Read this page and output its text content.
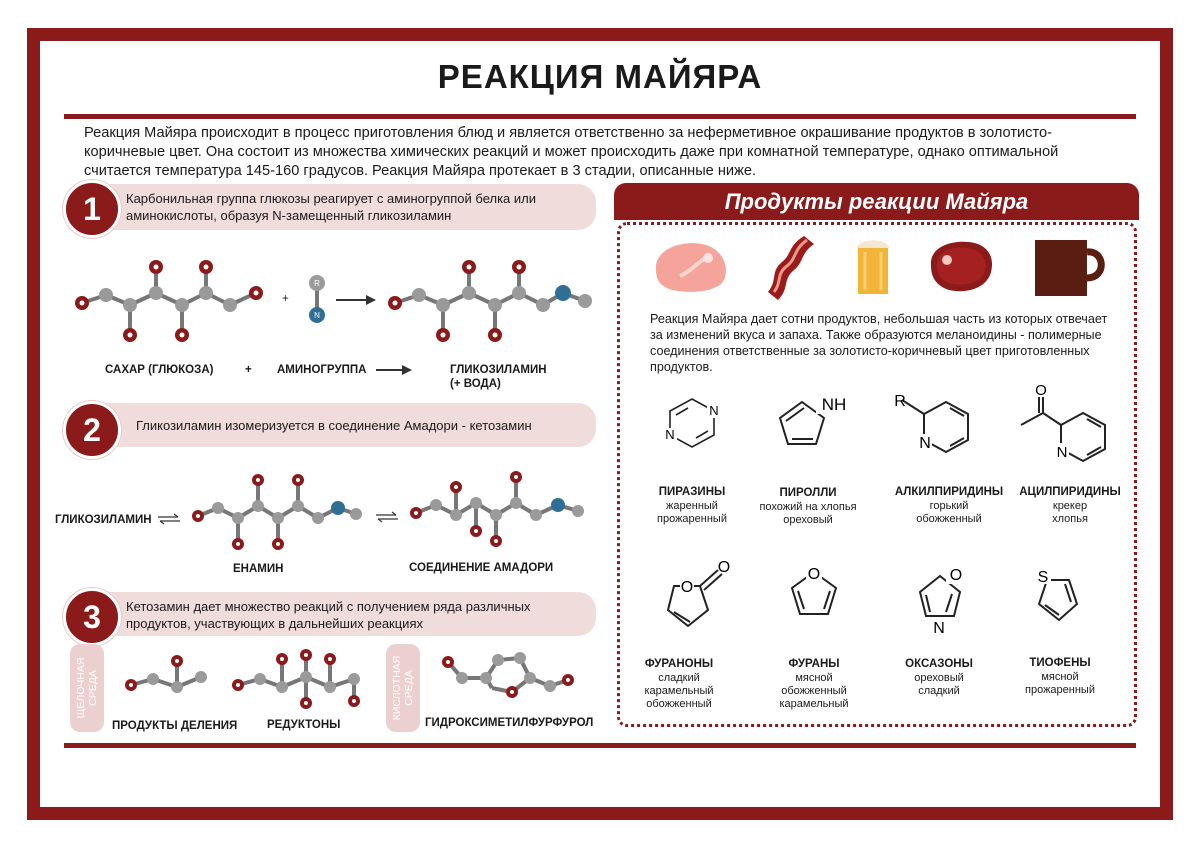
РЕАКЦИЯ МАЙЯРА
Реакция Майяра происходит в процесс приготовления блюд и является ответственно за неферметивное окрашивание продуктов в золотисто-коричневые цвет. Она состоит из множества химических реакций и может происходить даже при комнатной температуре, однако оптимальной считается температура 145-160 градусов. Реакция Майяра протекает в 3 стадии, описанные ниже.
Карбонильная группа глюкозы реагирует с аминогруппой белка или аминокислоты, образуя N-замещенный гликозиламин
1
+
R
N
САХАР (ГЛЮКОЗА)	+ АМИНОГРУППА	ГЛИКОЗИЛАМИН
(+ ВОДА)
Гликозиламин изомеризуется в соединение Амадори - кетозамин
2
ГЛИКОЗИЛАМИН ⇌
ЕНАМИН	СОЕДИНЕНИЕ АМАДОРИ
Кетозамин дает множество реакций с получением ряда различных продуктов, участвующих в дальнейших реакциях
3
ЩЕЛОЧНАЯ СРЕДА	КИСЛОТНАЯ СРЕДА
ПРОДУКТЫ ДЕЛЕНИЯ	РЕДУКТОНЫ	ГИДРОКСИМЕТИЛФУРФУРОЛ
Продукты реакции Майяра
Реакция Майяра дает сотни продуктов, небольшая часть из которых отвечает за изменений вкуса и запаха. Также образуются меланоидины - полимерные соединения ответственные за золотисто-коричневый цвет приготовленных продуктов.
N
N
NH	R
N
O
N
O
O	O	O
N
S
ПИРАЗИНЫ
жаренный
прожаренный
ПИРОЛЛИ
похожий на хлопья
ореховый
АЛКИЛПИРИДИНЫ
горький
обожженный
АЦИЛПИРИДИНЫ
крекер
хлопья
ФУРАНОНЫ
сладкий
карамельный
обожженный
ФУРАНЫ
мясной
обожженный
карамельный
ОКСАЗОНЫ
ореховый
сладкий
ТИОФЕНЫ
мясной
прожаренный
